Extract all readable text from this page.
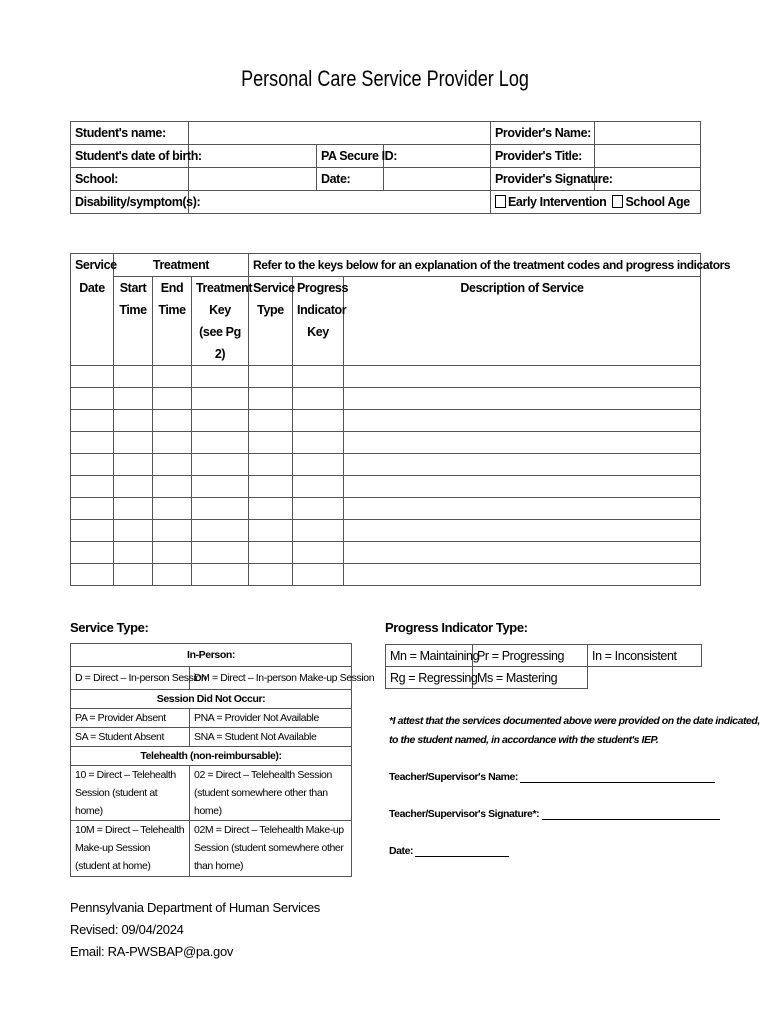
Personal Care Service Provider Log
Student's name:				Provider's Name:	
Student's date of birth:		PA Secure ID:		Provider's Title:	
School:		Date:		Provider's Signature:	
Disability/symptom(s):				Early Intervention School Age	
Service	Treatment			Refer to the keys below for an explanation of the treatment codes and progress indicators		
Date	Start Time	End Time	Treatment Key (see Pg 2)	Service Type	Progress Indicator Key	Description of Service

Service Type:
In-Person:	
D = Direct – In-person Session	DM = Direct – In-person Make-up Session
Session Did Not Occur:	
PA = Provider Absent	PNA = Provider Not Available
SA = Student Absent	SNA = Student Not Available
Telehealth (non-reimbursable):	
10 = Direct – Telehealth Session (student at home)	02 = Direct – Telehealth Session (student somewhere other than home)
10M = Direct – Telehealth Make-up Session (student at home)	02M = Direct – Telehealth Make-up Session (student somewhere other than home)
Progress Indicator Type:
Mn = Maintaining	Pr = Progressing	In = Inconsistent
Rg = Regressing	Ms = Mastering	
*I attest that the services documented above were provided on the date indicated,
to the student named, in accordance with the student's IEP.
Teacher/Supervisor's Name:
Teacher/Supervisor's Signature*:
Date:
Pennsylvania Department of Human Services
Revised: 09/04/2024
Email: RA-PWSBAP@pa.gov
